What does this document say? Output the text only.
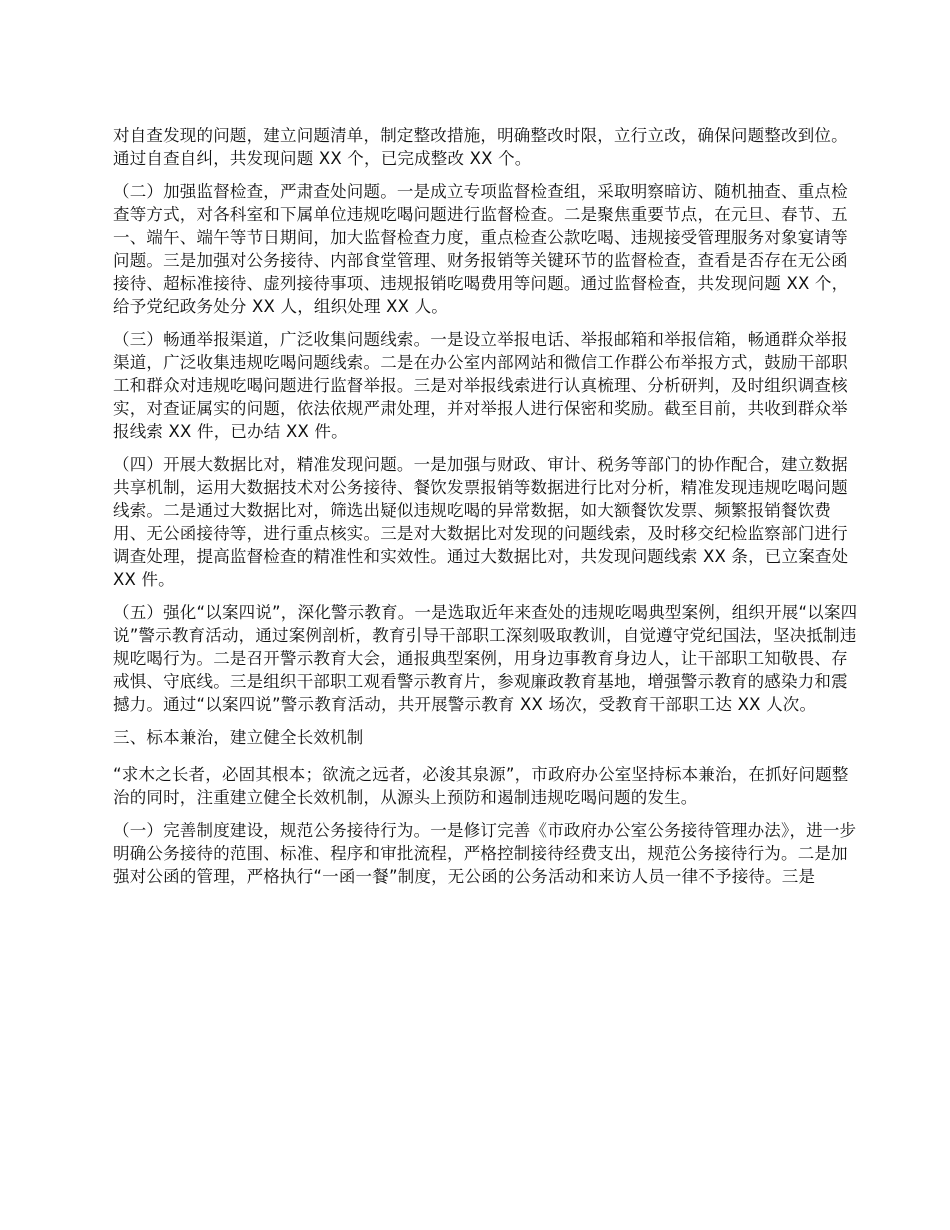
对自查发现的问题，建立问题清单，制定整改措施，明确整改时限，立行立改，确保问题整改到位。通过自查自纠，共发现问题 XX 个，已完成整改 XX 个。

（二）加强监督检查，严肃查处问题。一是成立专项监督检查组，采取明察暗访、随机抽查、重点检查等方式，对各科室和下属单位违规吃喝问题进行监督检查。二是聚焦重要节点，在元旦、春节、五一、端午、端午等节日期间，加大监督检查力度，重点检查公款吃喝、违规接受管理服务对象宴请等问题。三是加强对公务接待、内部食堂管理、财务报销等关键环节的监督检查，查看是否存在无公函接待、超标准接待、虚列接待事项、违规报销吃喝费用等问题。通过监督检查，共发现问题 XX 个，给予党纪政务处分 XX 人，组织处理 XX 人。

（三）畅通举报渠道，广泛收集问题线索。一是设立举报电话、举报邮箱和举报信箱，畅通群众举报渠道，广泛收集违规吃喝问题线索。二是在办公室内部网站和微信工作群公布举报方式，鼓励干部职工和群众对违规吃喝问题进行监督举报。三是对举报线索进行认真梳理、分析研判，及时组织调查核实，对查证属实的问题，依法依规严肃处理，并对举报人进行保密和奖励。截至目前，共收到群众举报线索 XX 件，已办结 XX 件。

（四）开展大数据比对，精准发现问题。一是加强与财政、审计、税务等部门的协作配合，建立数据共享机制，运用大数据技术对公务接待、餐饮发票报销等数据进行比对分析，精准发现违规吃喝问题线索。二是通过大数据比对，筛选出疑似违规吃喝的异常数据，如大额餐饮发票、频繁报销餐饮费用、无公函接待等，进行重点核实。三是对大数据比对发现的问题线索，及时移交纪检监察部门进行调查处理，提高监督检查的精准性和实效性。通过大数据比对，共发现问题线索 XX 条，已立案查处 XX 件。

（五）强化“以案四说”，深化警示教育。一是选取近年来查处的违规吃喝典型案例，组织开展“以案四说”警示教育活动，通过案例剖析，教育引导干部职工深刻吸取教训，自觉遵守党纪国法，坚决抵制违规吃喝行为。二是召开警示教育大会，通报典型案例，用身边事教育身边人，让干部职工知敬畏、存戒惧、守底线。三是组织干部职工观看警示教育片，参观廉政教育基地，增强警示教育的感染力和震撼力。通过“以案四说”警示教育活动，共开展警示教育 XX 场次，受教育干部职工达 XX 人次。

三、标本兼治，建立健全长效机制

“求木之长者，必固其根本；欲流之远者，必浚其泉源”，市政府办公室坚持标本兼治，在抓好问题整治的同时，注重建立健全长效机制，从源头上预防和遏制违规吃喝问题的发生。

（一）完善制度建设，规范公务接待行为。一是修订完善《市政府办公室公务接待管理办法》，进一步明确公务接待的范围、标准、程序和审批流程，严格控制接待经费支出，规范公务接待行为。二是加强对公函的管理，严格执行“一函一餐”制度，无公函的公务活动和来访人员一律不予接待。三是
